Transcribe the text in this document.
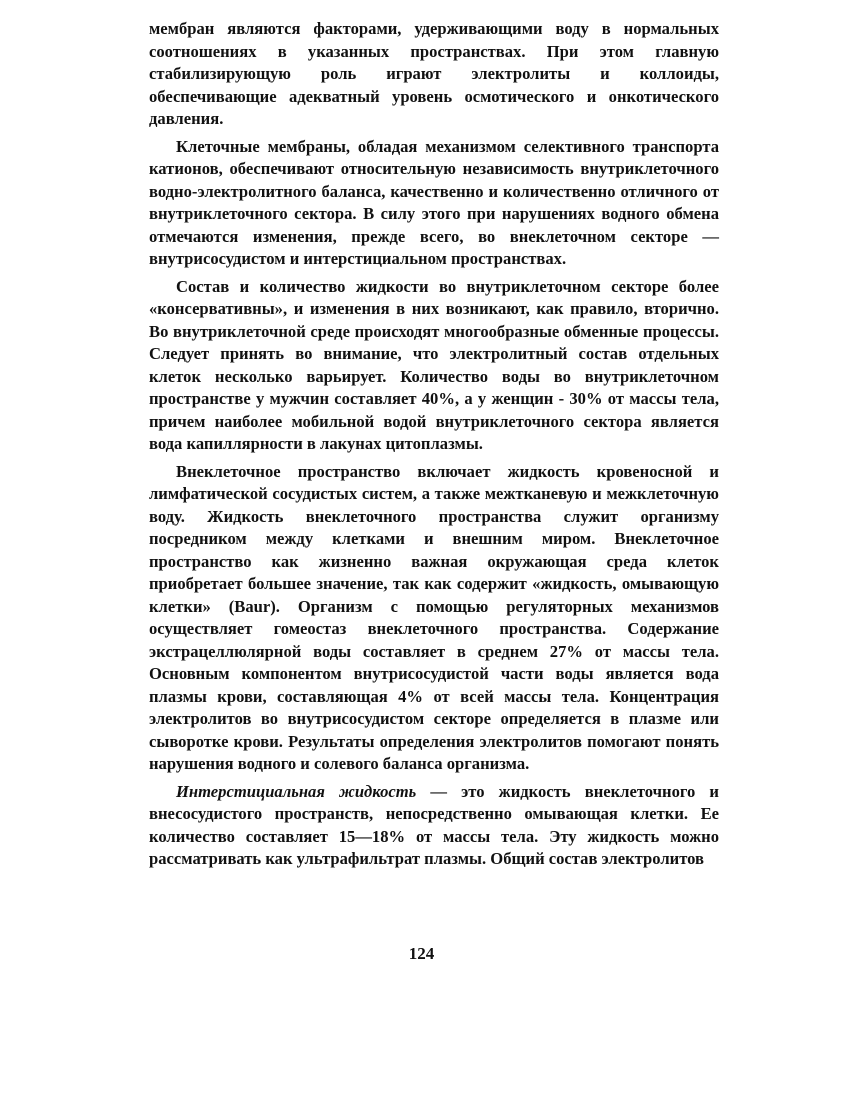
мембран являются факторами, удерживающими воду в нормальных соотношениях в указанных пространствах. При этом главную стабилизирующую роль играют электролиты и коллоиды, обеспечивающие адекватный уровень осмотического и онкотического давления.

Клеточные мембраны, обладая механизмом селективного транспорта катионов, обеспечивают относительную независимость внутриклеточного водно-электролитного баланса, качественно и количественно отличного от внутриклеточного сектора. В силу этого при нарушениях водного обмена отмечаются изменения, прежде всего, во внеклеточном секторе — внутрисосудистом и интерстициальном пространствах.

Состав и количество жидкости во внутриклеточном секторе более «консервативны», и изменения в них возникают, как правило, вторично. Во внутриклеточной среде происходят многообразные обменные процессы. Следует принять во внимание, что электролитный состав отдельных клеток несколько варьирует. Количество воды во внутриклеточном пространстве у мужчин составляет 40%, а у женщин - 30% от массы тела, причем наиболее мобильной водой внутриклеточного сектора является вода капиллярности в лакунах цитоплазмы.

Внеклеточное пространство включает жидкость кровеносной и лимфатической сосудистых систем, а также межтканевую и межклеточную воду. Жидкость внеклеточного пространства служит организму посредником между клетками и внешним миром. Внеклеточное пространство как жизненно важная окружающая среда клеток приобретает большее значение, так как содержит «жидкость, омывающую клетки» (Baur). Организм с помощью регуляторных механизмов осуществляет гомеостаз внеклеточного пространства. Содержание экстрацеллюлярной воды составляет в среднем 27% от массы тела. Основным компонентом внутрисосудистой части воды является вода плазмы крови, составляющая 4% от всей массы тела. Концентрация электролитов во внутрисосудистом секторе определяется в плазме или сыворотке крови. Результаты определения электролитов помогают понять нарушения водного и солевого баланса организма.

Интерстициальная жидкость — это жидкость внеклеточного и внесосудистого пространств, непосредственно омывающая клетки. Ее количество составляет 15—18% от массы тела. Эту жидкость можно рассматривать как ультрафильтрат плазмы. Общий состав электролитов

124
